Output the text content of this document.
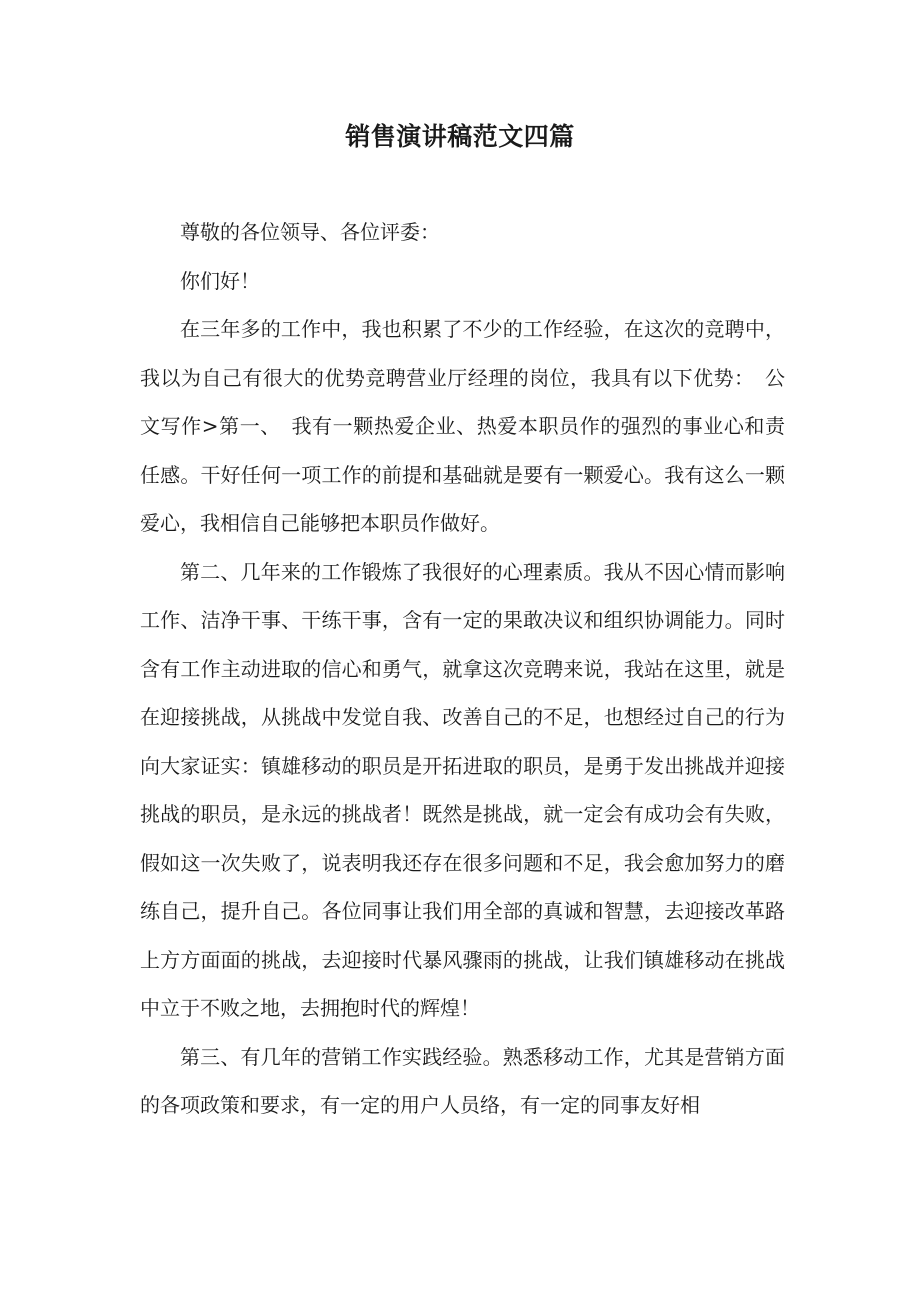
销售演讲稿范文四篇

尊敬的各位领导、各位评委：

你们好！

在三年多的工作中，我也积累了不少的工作经验，在这次的竞聘中，我以为自己有很大的优势竞聘营业厅经理的岗位，我具有以下优势：　公文写作>第一、　我有一颗热爱企业、热爱本职员作的强烈的事业心和责任感。干好任何一项工作的前提和基础就是要有一颗爱心。我有这么一颗爱心，我相信自己能够把本职员作做好。

第二、几年来的工作锻炼了我很好的心理素质。我从不因心情而影响工作、洁净干事、干练干事，含有一定的果敢决议和组织协调能力。同时含有工作主动进取的信心和勇气，就拿这次竞聘来说，我站在这里，就是在迎接挑战，从挑战中发觉自我、改善自己的不足，也想经过自己的行为向大家证实：镇雄移动的职员是开拓进取的职员，是勇于发出挑战并迎接挑战的职员，是永远的挑战者！既然是挑战，就一定会有成功会有失败，假如这一次失败了，说表明我还存在很多问题和不足，我会愈加努力的磨练自己，提升自己。各位同事让我们用全部的真诚和智慧，去迎接改革路上方方面面的挑战，去迎接时代暴风骤雨的挑战，让我们镇雄移动在挑战中立于不败之地，去拥抱时代的辉煌！

第三、有几年的营销工作实践经验。熟悉移动工作，尤其是营销方面的各项政策和要求，有一定的用户人员络，有一定的同事友好相
